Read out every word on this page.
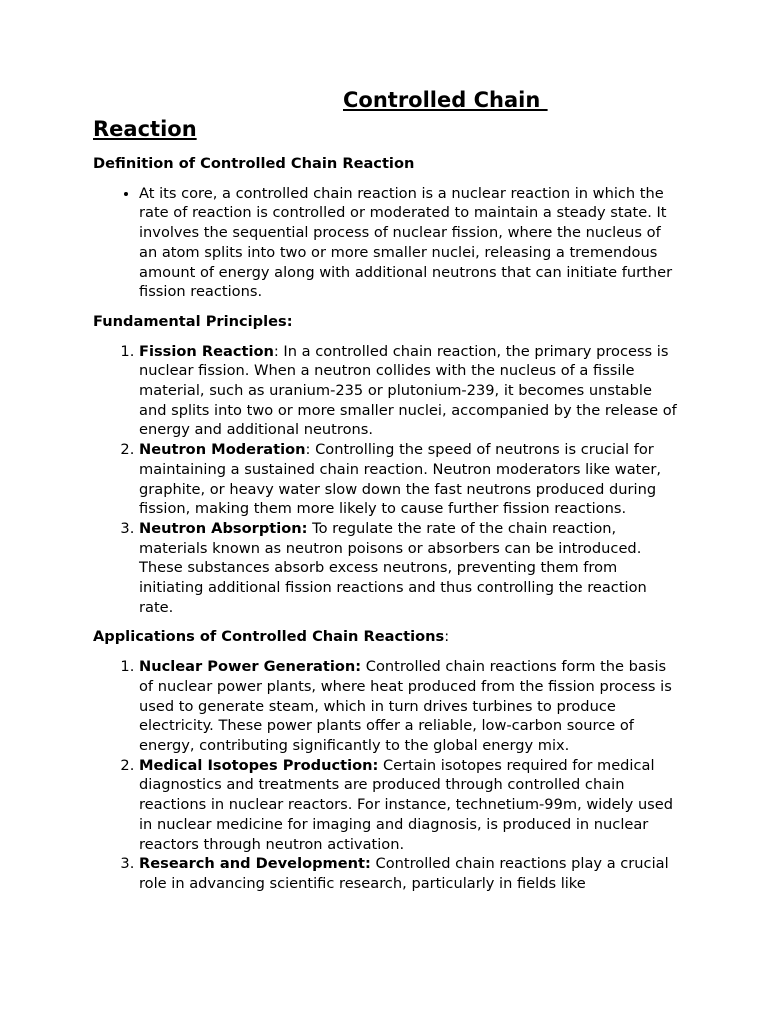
Controlled Chain
Reaction

Definition of Controlled Chain Reaction

• At its core, a controlled chain reaction is a nuclear reaction in which the rate of reaction is controlled or moderated to maintain a steady state. It involves the sequential process of nuclear fission, where the nucleus of an atom splits into two or more smaller nuclei, releasing a tremendous amount of energy along with additional neutrons that can initiate further fission reactions.

Fundamental Principles:

1. Fission Reaction: In a controlled chain reaction, the primary process is nuclear fission. When a neutron collides with the nucleus of a fissile material, such as uranium-235 or plutonium-239, it becomes unstable and splits into two or more smaller nuclei, accompanied by the release of energy and additional neutrons.
2. Neutron Moderation: Controlling the speed of neutrons is crucial for maintaining a sustained chain reaction. Neutron moderators like water, graphite, or heavy water slow down the fast neutrons produced during fission, making them more likely to cause further fission reactions.
3. Neutron Absorption: To regulate the rate of the chain reaction, materials known as neutron poisons or absorbers can be introduced. These substances absorb excess neutrons, preventing them from initiating additional fission reactions and thus controlling the reaction rate.

Applications of Controlled Chain Reactions:

1. Nuclear Power Generation: Controlled chain reactions form the basis of nuclear power plants, where heat produced from the fission process is used to generate steam, which in turn drives turbines to produce electricity. These power plants offer a reliable, low-carbon source of energy, contributing significantly to the global energy mix.
2. Medical Isotopes Production: Certain isotopes required for medical diagnostics and treatments are produced through controlled chain reactions in nuclear reactors. For instance, technetium-99m, widely used in nuclear medicine for imaging and diagnosis, is produced in nuclear reactors through neutron activation.
3. Research and Development: Controlled chain reactions play a crucial role in advancing scientific research, particularly in fields like
